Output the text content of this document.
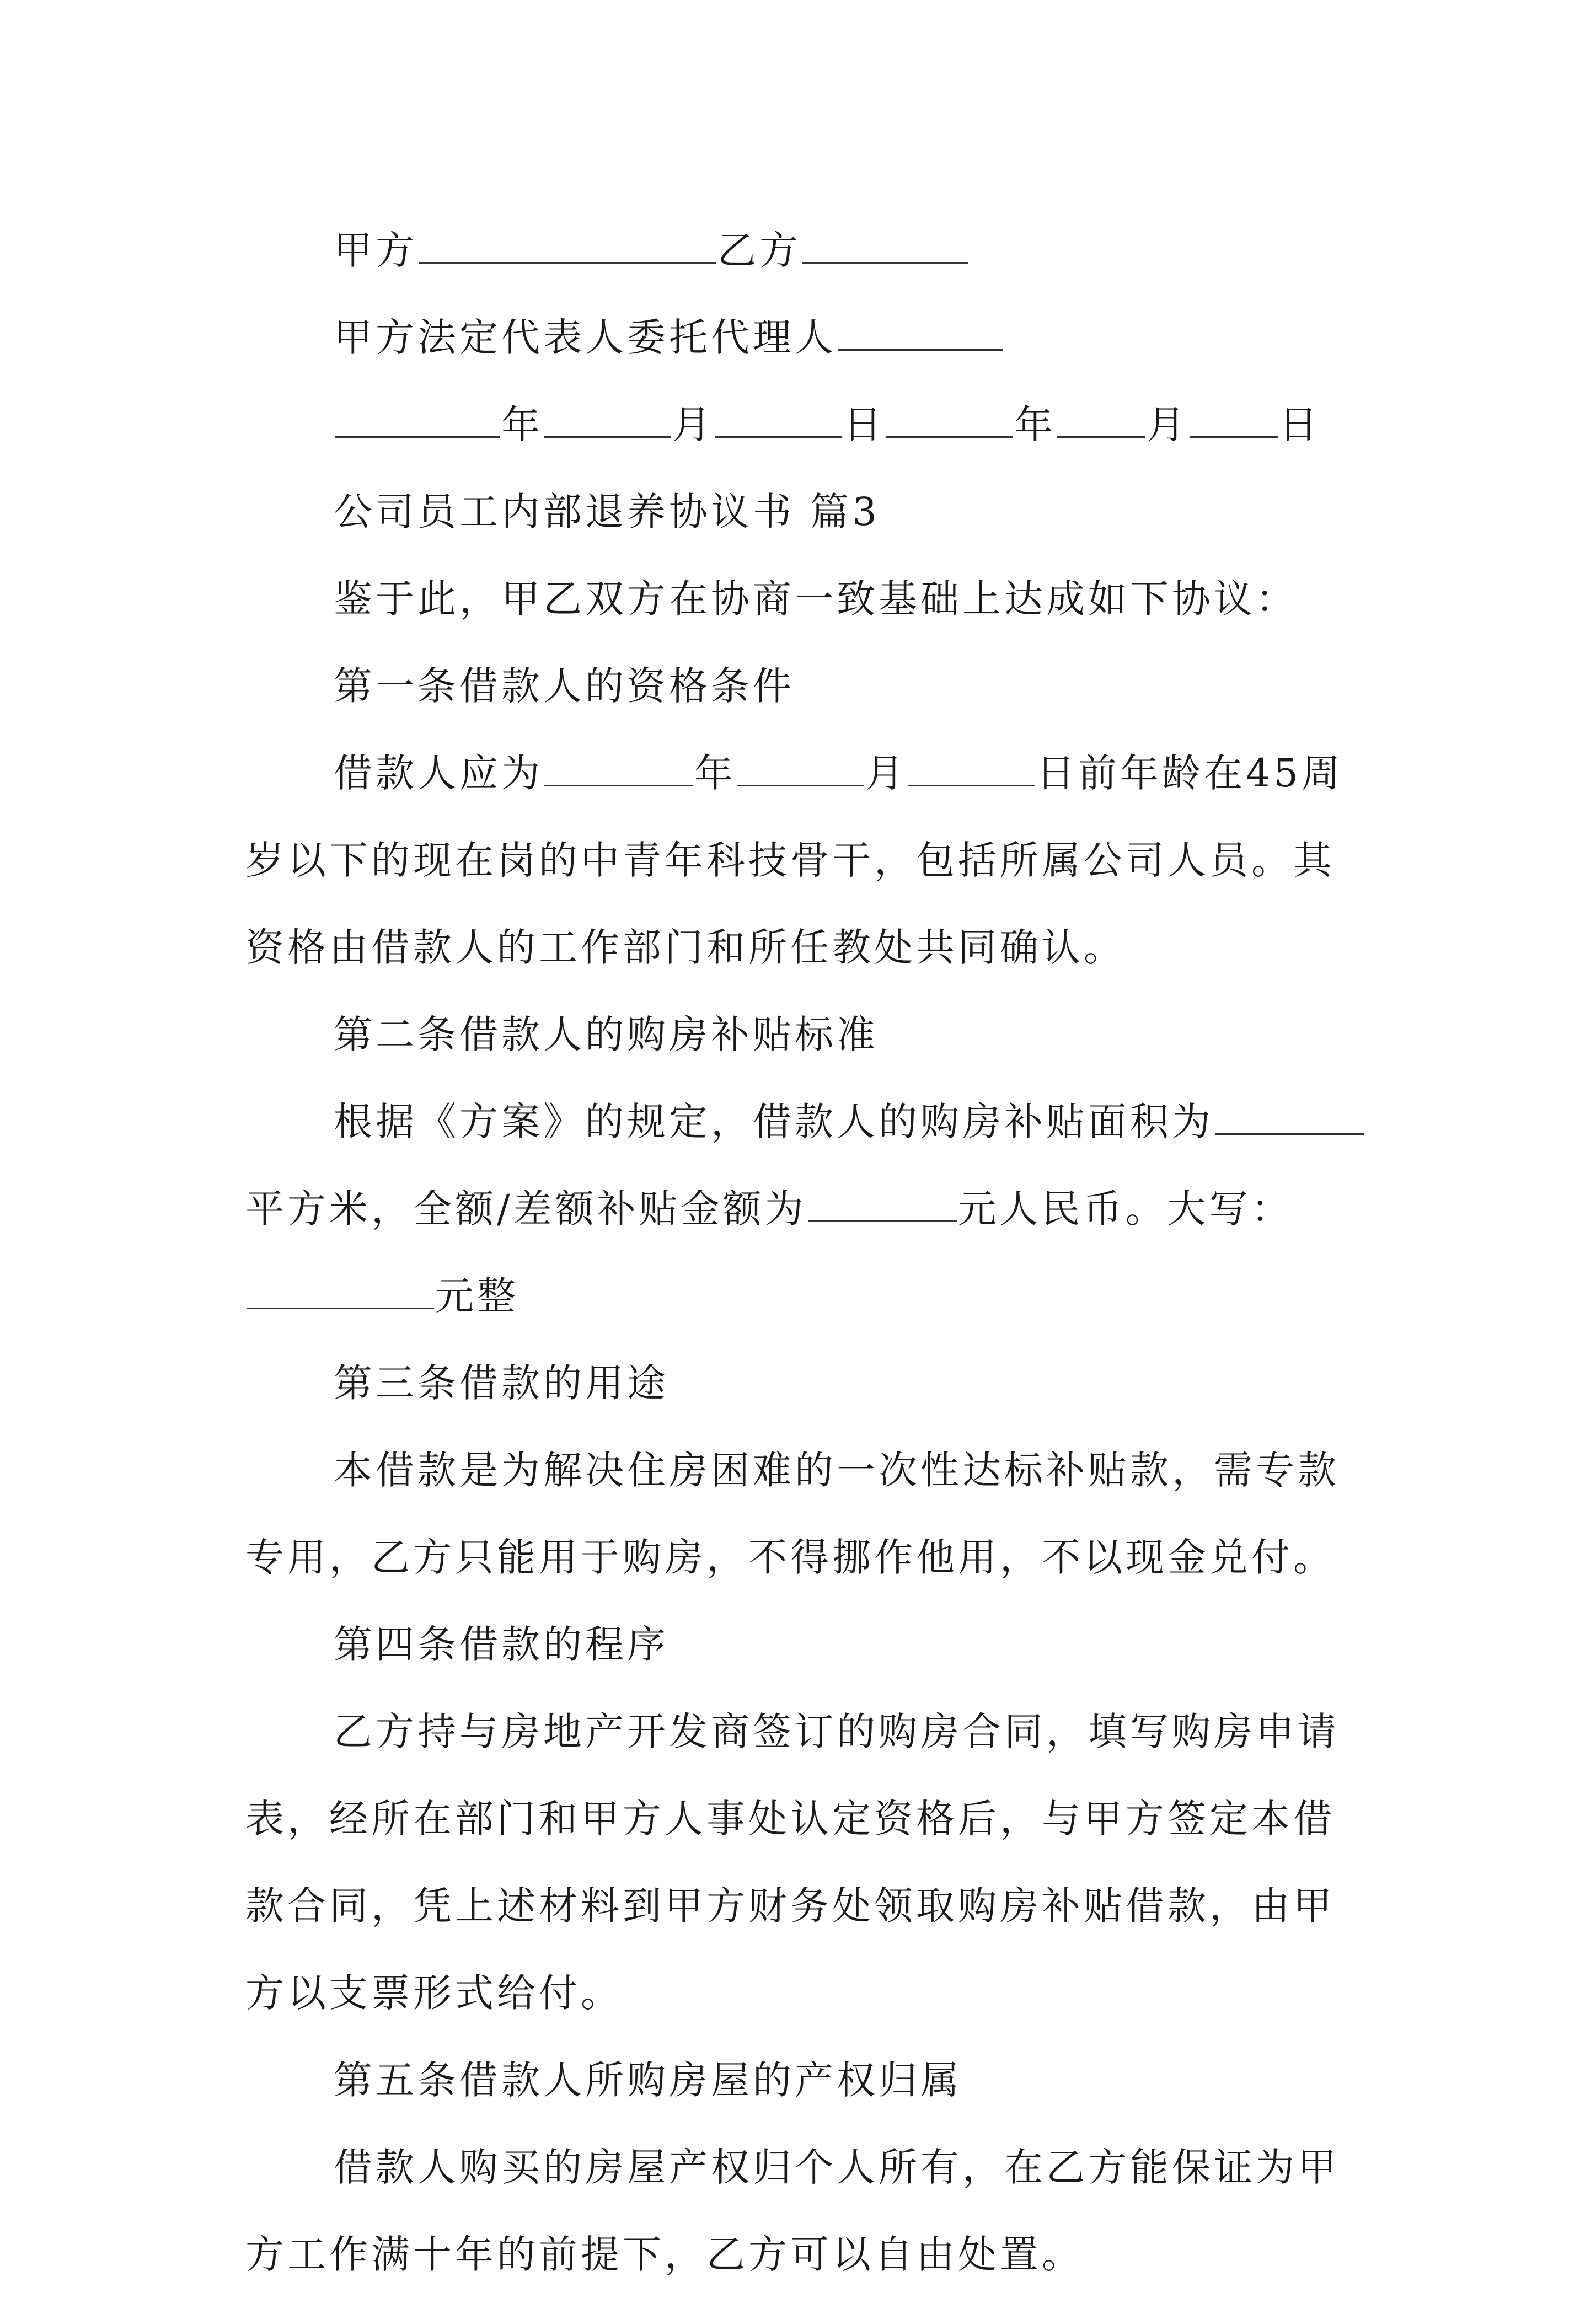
甲方	乙方

甲方法定代表人委托代理人

年	月	日	年 月 日

公司员工内部退养协议书 篇3

鉴于此，甲乙双方在协商一致基础上达成如下协议：

第一条借款人的资格条件

借款人应为	年	月	日前年龄在45周

岁以下的现在岗的中青年科技骨干，包括所属公司人员。其

资格由借款人的工作部门和所任教处共同确认。

第二条借款人的购房补贴标准

根据《方案》的规定，借款人的购房补贴面积为

平方米，全额/差额补贴金额为	元人民币。大写：

元整

第三条借款的用途

本借款是为解决住房困难的一次性达标补贴款，需专款

专用，乙方只能用于购房，不得挪作他用，不以现金兑付。

第四条借款的程序

乙方持与房地产开发商签订的购房合同，填写购房申请

表，经所在部门和甲方人事处认定资格后，与甲方签定本借

款合同，凭上述材料到甲方财务处领取购房补贴借款，由甲

方以支票形式给付。

第五条借款人所购房屋的产权归属

借款人购买的房屋产权归个人所有，在乙方能保证为甲

方工作满十年的前提下，乙方可以自由处置。
